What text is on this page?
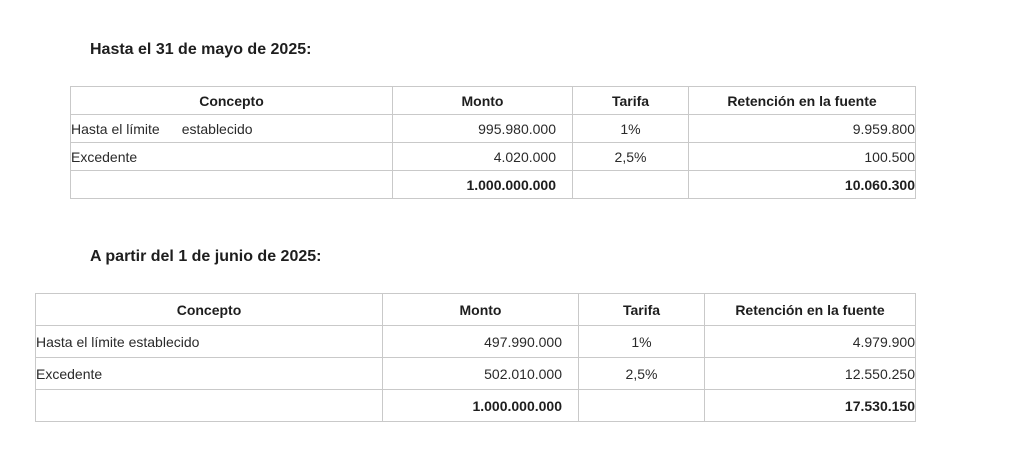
Hasta el 31 de mayo de 2025:
Concepto	Monto	Tarifa	Retención en la fuente
Hasta el límite establecido	995.980.000	1%	9.959.800
Excedente	4.020.000	2,5%	100.500
	1.000.000.000		10.060.300
A partir del 1 de junio de 2025:
Concepto	Monto	Tarifa	Retención en la fuente
Hasta el límite establecido	497.990.000	1%	4.979.900
Excedente	502.010.000	2,5%	12.550.250
	1.000.000.000		17.530.150
